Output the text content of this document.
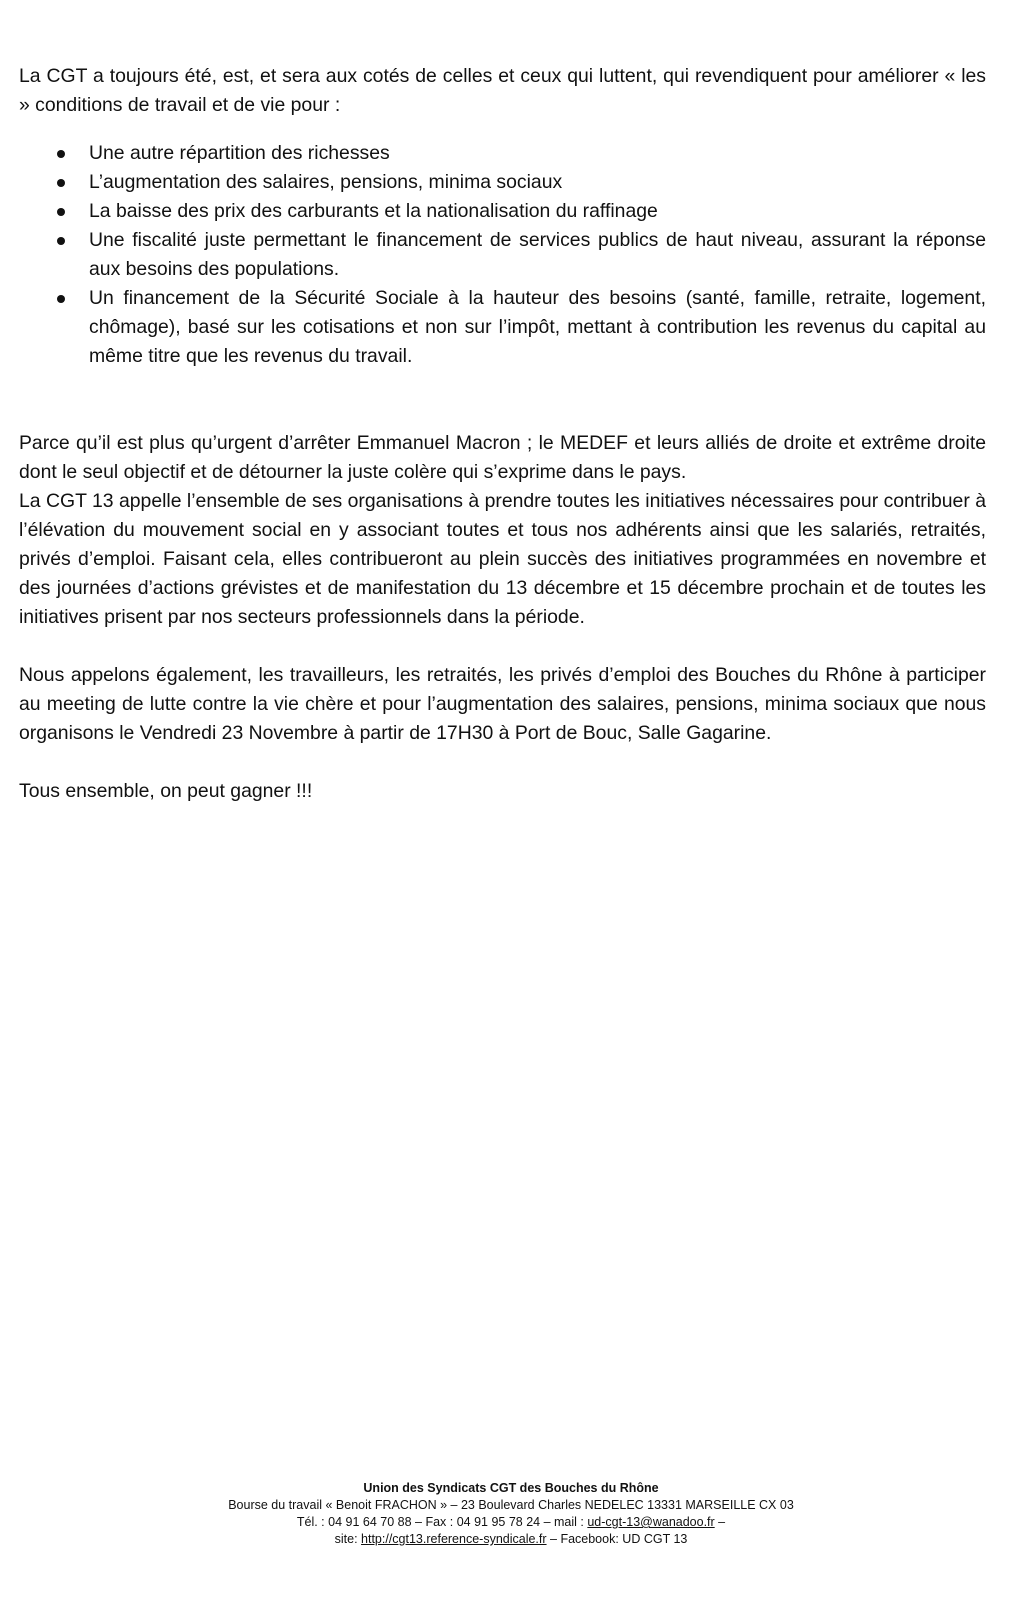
La CGT a toujours été, est, et sera aux cotés de celles et ceux qui luttent, qui revendiquent pour améliorer « les » conditions de travail et de vie pour :

Une autre répartition des richesses
L’augmentation des salaires, pensions, minima sociaux
La baisse des prix des carburants et la nationalisation du raffinage
Une fiscalité juste permettant le financement de services publics de haut niveau, assurant la réponse aux besoins des populations.
Un financement de la Sécurité Sociale à la hauteur des besoins (santé, famille, retraite, logement, chômage), basé sur les cotisations et non sur l’impôt, mettant à contribution les revenus du capital au même titre que les revenus du travail.

Parce qu’il est plus qu’urgent d’arrêter Emmanuel Macron ; le MEDEF et leurs alliés de droite et extrême droite dont le seul objectif et de détourner la juste colère qui s’exprime dans le pays.

La CGT 13 appelle l’ensemble de ses organisations à prendre toutes les initiatives nécessaires pour contribuer à l’élévation du mouvement social en y associant toutes et tous nos adhérents ainsi que les salariés, retraités, privés d’emploi. Faisant cela, elles contribueront au plein succès des initiatives programmées en novembre et des journées d’actions grévistes et de manifestation du 13 décembre et 15 décembre prochain et de toutes les initiatives prisent par nos secteurs professionnels dans la période.

Nous appelons également, les travailleurs, les retraités, les privés d’emploi des Bouches du Rhône à participer au meeting de lutte contre la vie chère et pour l’augmentation des salaires, pensions, minima sociaux que nous organisons le Vendredi 23 Novembre à partir de 17H30 à Port de Bouc, Salle Gagarine.

Tous ensemble, on peut gagner !!!

Union des Syndicats CGT des Bouches du Rhône
Bourse du travail « Benoit FRACHON » – 23 Boulevard Charles NEDELEC 13331 MARSEILLE CX 03
Tél. : 04 91 64 70 88 – Fax : 04 91 95 78 24 – mail : ud-cgt-13@wanadoo.fr –
site: http://cgt13.reference-syndicale.fr – Facebook: UD CGT 13
